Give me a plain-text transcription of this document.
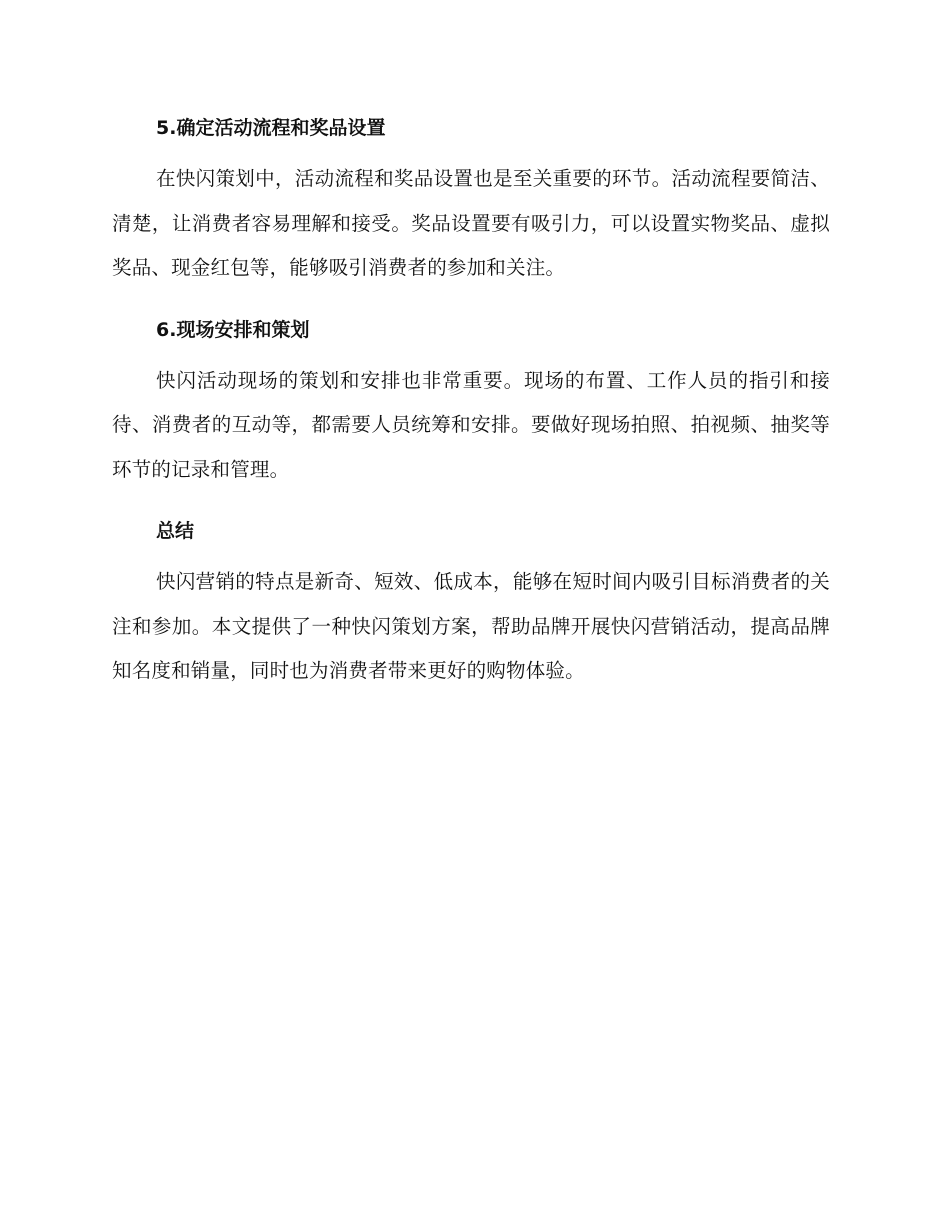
5.确定活动流程和奖品设置

在快闪策划中，活动流程和奖品设置也是至关重要的环节。活动流程要简洁、清楚，让消费者容易理解和接受。奖品设置要有吸引力，可以设置实物奖品、虚拟奖品、现金红包等，能够吸引消费者的参加和关注。

6.现场安排和策划

快闪活动现场的策划和安排也非常重要。现场的布置、工作人员的指引和接待、消费者的互动等，都需要人员统筹和安排。要做好现场拍照、拍视频、抽奖等环节的记录和管理。

总结

快闪营销的特点是新奇、短效、低成本，能够在短时间内吸引目标消费者的关注和参加。本文提供了一种快闪策划方案，帮助品牌开展快闪营销活动，提高品牌知名度和销量，同时也为消费者带来更好的购物体验。
